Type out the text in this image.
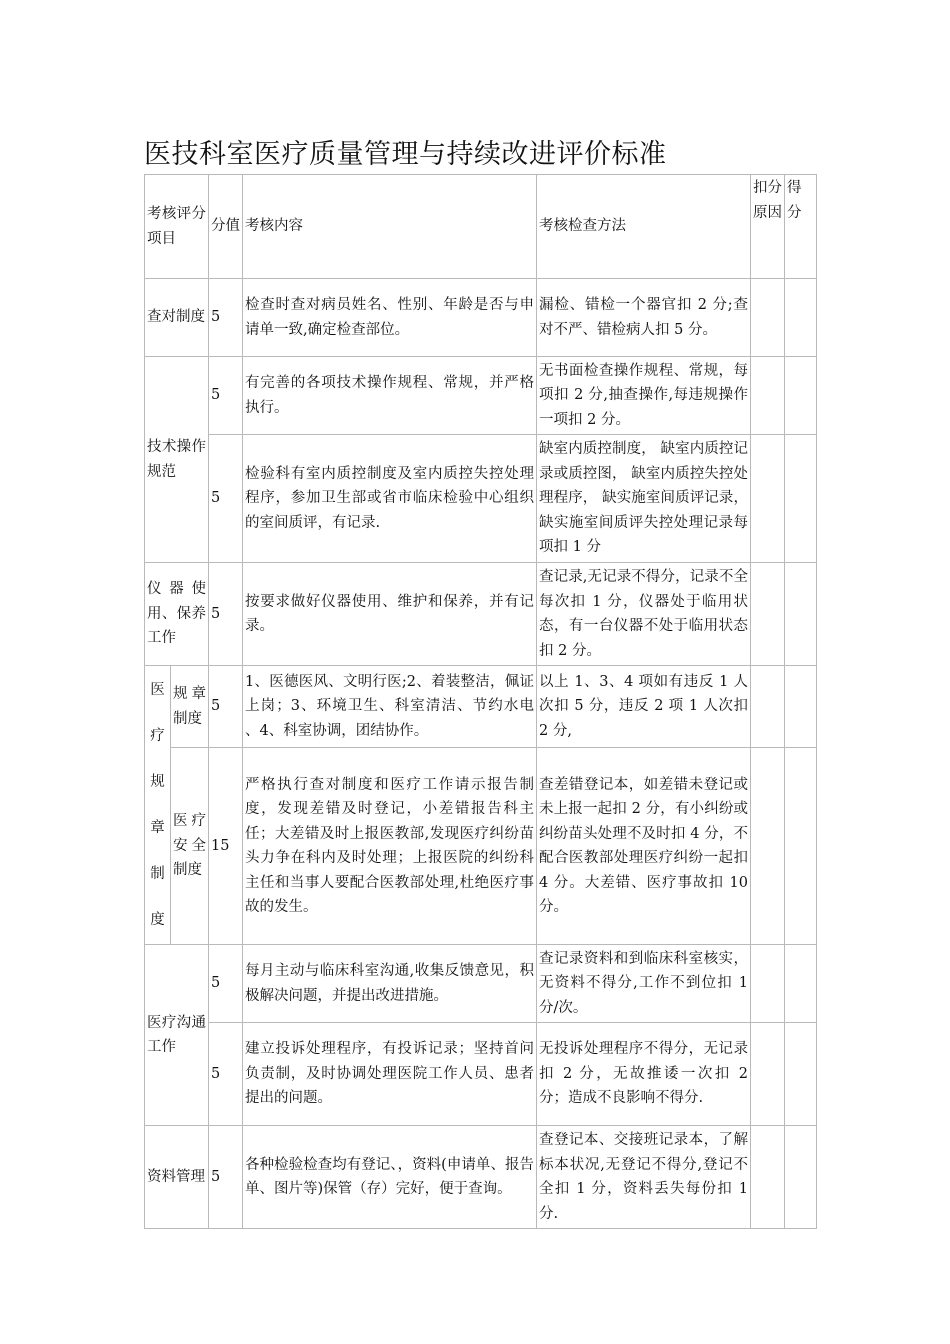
医技科室医疗质量管理与持续改进评价标准
考核评分项目		分值	考核内容	考核检查方法	扣分原因	得分
查对制度		5	检查时查对病员姓名、性别、年龄是否与申请单一致,确定检查部位。	漏检、错检一个器官扣 2 分;查对不严、错检病人扣 5 分。		
技术操作规范		5	有完善的各项技术操作规程、常规，并严格执行。	无书面检查操作规程、常规，每项扣 2 分,抽查操作,每违规操作一项扣 2 分。		
		5	检验科有室内质控制度及室内质控失控处理程序，参加卫生部或省市临床检验中心组织的室间质评，有记录.	缺室内质控制度， 缺室内质控记录或质控图， 缺室内质控失控处理程序， 缺实施室间质评记录， 缺实施室间质评失控处理记录每项扣 1 分		
仪器使用、保养工作		5	按要求做好仪器使用、维护和保养，并有记录。	查记录,无记录不得分，记录不全每次扣 1 分，仪器处于临用状态，有一台仪器不处于临用状态扣 2 分。		
医疗规章制度	规章制度	5	1、医德医风、文明行医;2、着装整洁，佩证上岗；3、环境卫生、科室清洁、节约水电 、4、科室协调，团结协作。	以上 1、3、4 项如有违反 1 人次扣 5 分，违反 2 项 1 人次扣 2 分,		
	医疗安全制度	15	严格执行查对制度和医疗工作请示报告制度，发现差错及时登记，小差错报告科主任；大差错及时上报医教部,发现医疗纠纷苗头力争在科内及时处理；上报医院的纠纷科主任和当事人要配合医教部处理,杜绝医疗事故的发生。	查差错登记本，如差错未登记或未上报一起扣 2 分，有小纠纷或纠纷苗头处理不及时扣 4 分，不配合医教部处理医疗纠纷一起扣 4 分。大差错、医疗事故扣 10 分。		
医疗沟通工作		5	每月主动与临床科室沟通,收集反馈意见，积极解决问题，并提出改进措施。	查记录资料和到临床科室核实，无资料不得分,工作不到位扣 1 分/次。		
		5	建立投诉处理程序，有投诉记录；坚持首问负责制，及时协调处理医院工作人员、患者提出的问题。	无投诉处理程序不得分，无记录扣 2 分，无故推诿一次扣 2 分；造成不良影响不得分.		
资料管理		5	各种检验检查均有登记、，资料(申请单、报告单、图片等)保管（存）完好，便于查询。	查登记本、交接班记录本，了解标本状况,无登记不得分,登记不全扣 1 分，资料丢失每份扣 1 分.		
